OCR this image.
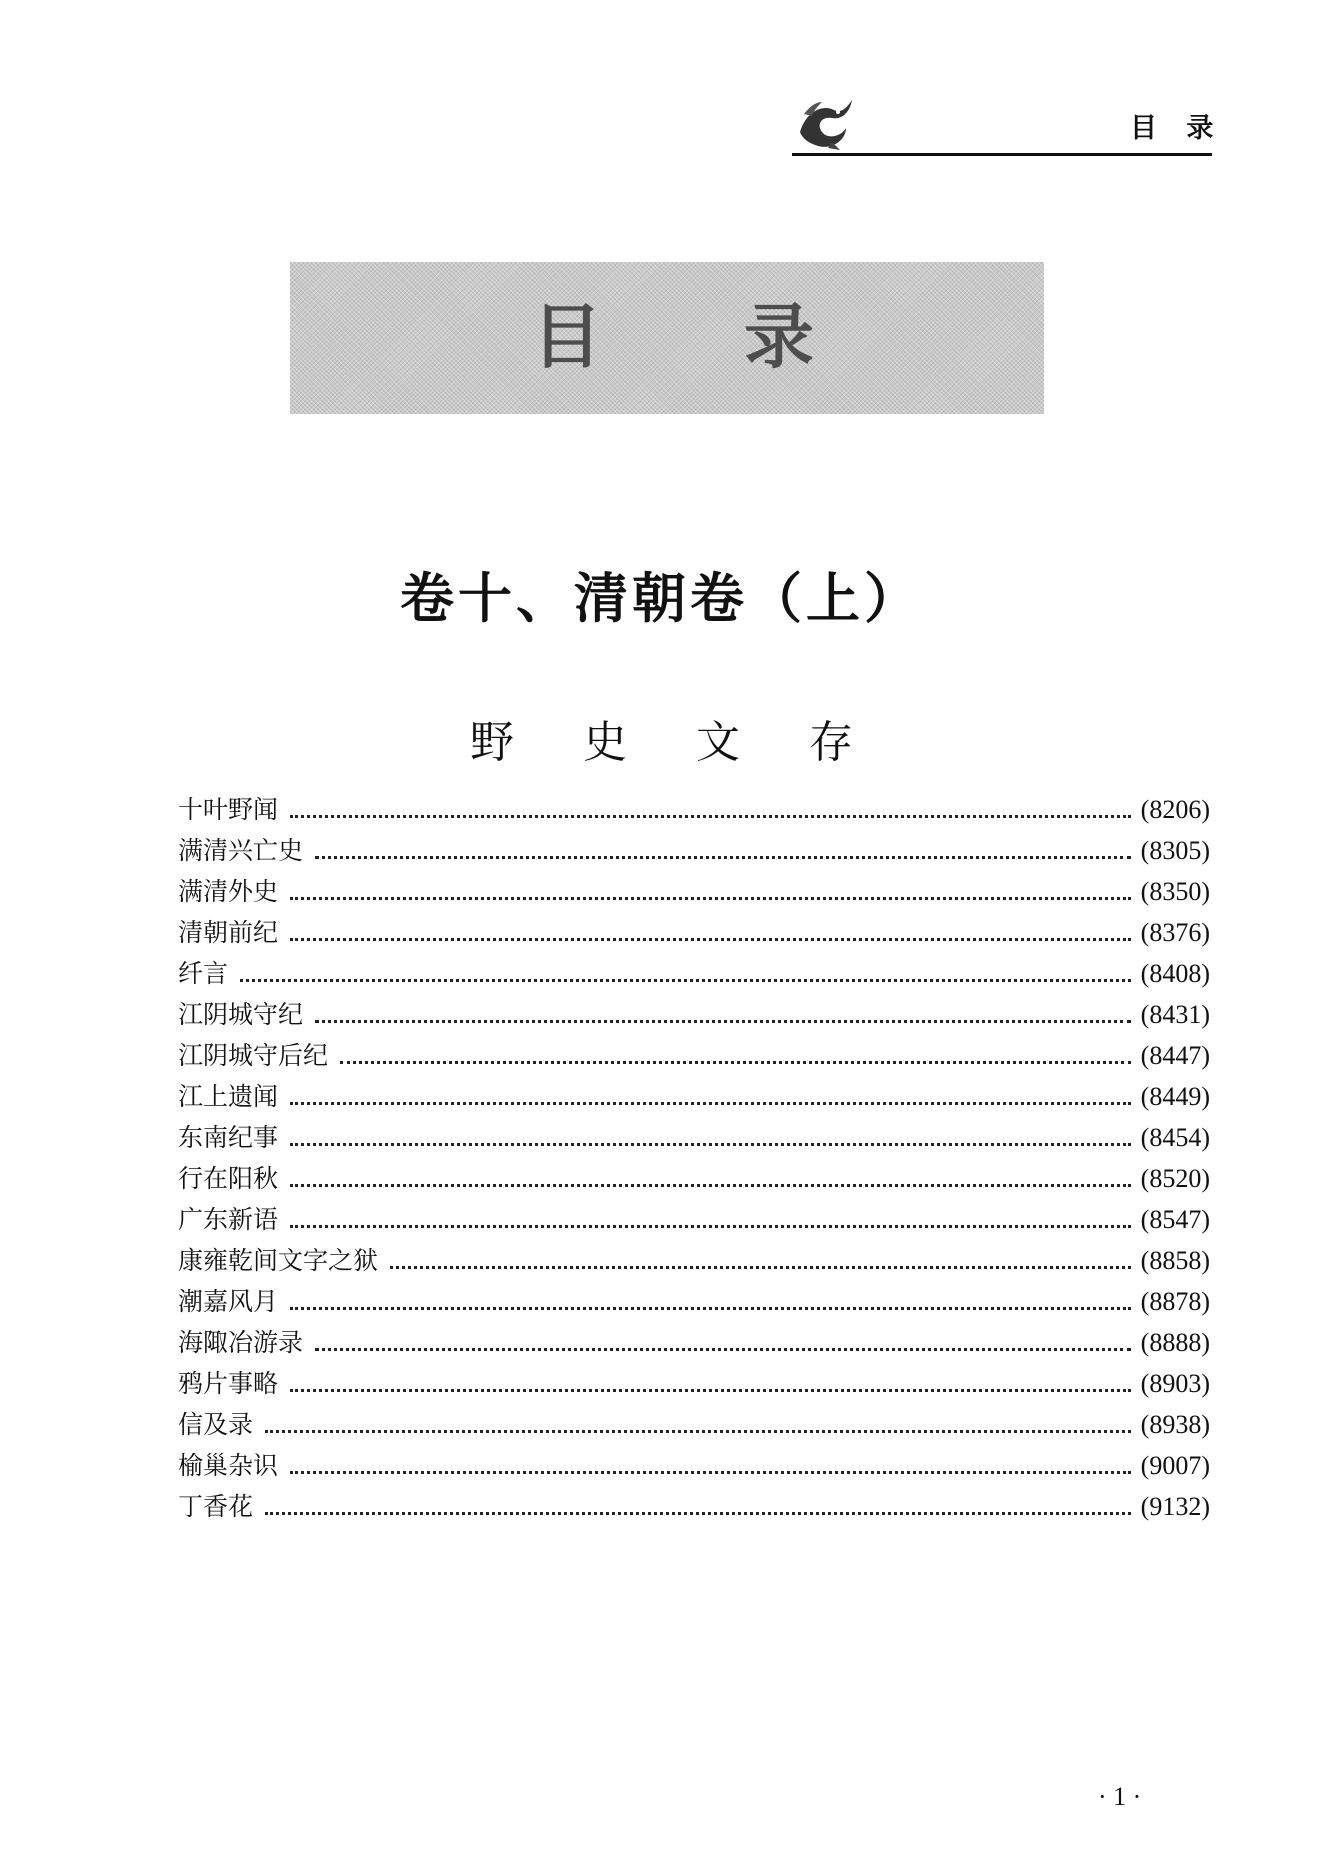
目 录
目 录
卷十、清朝卷（上）
野 史 文 存
十叶野闻	(8206)
满清兴亡史	(8305)
满清外史	(8350)
清朝前纪	(8376)
纤言	(8408)
江阴城守纪	(8431)
江阴城守后纪	(8447)
江上遗闻	(8449)
东南纪事	(8454)
行在阳秋	(8520)
广东新语	(8547)
康雍乾间文字之狱	(8858)
潮嘉风月	(8878)
海陬冶游录	(8888)
鸦片事略	(8903)
信及录	(8938)
榆巢杂识	(9007)
丁香花	(9132)
· 1 ·
